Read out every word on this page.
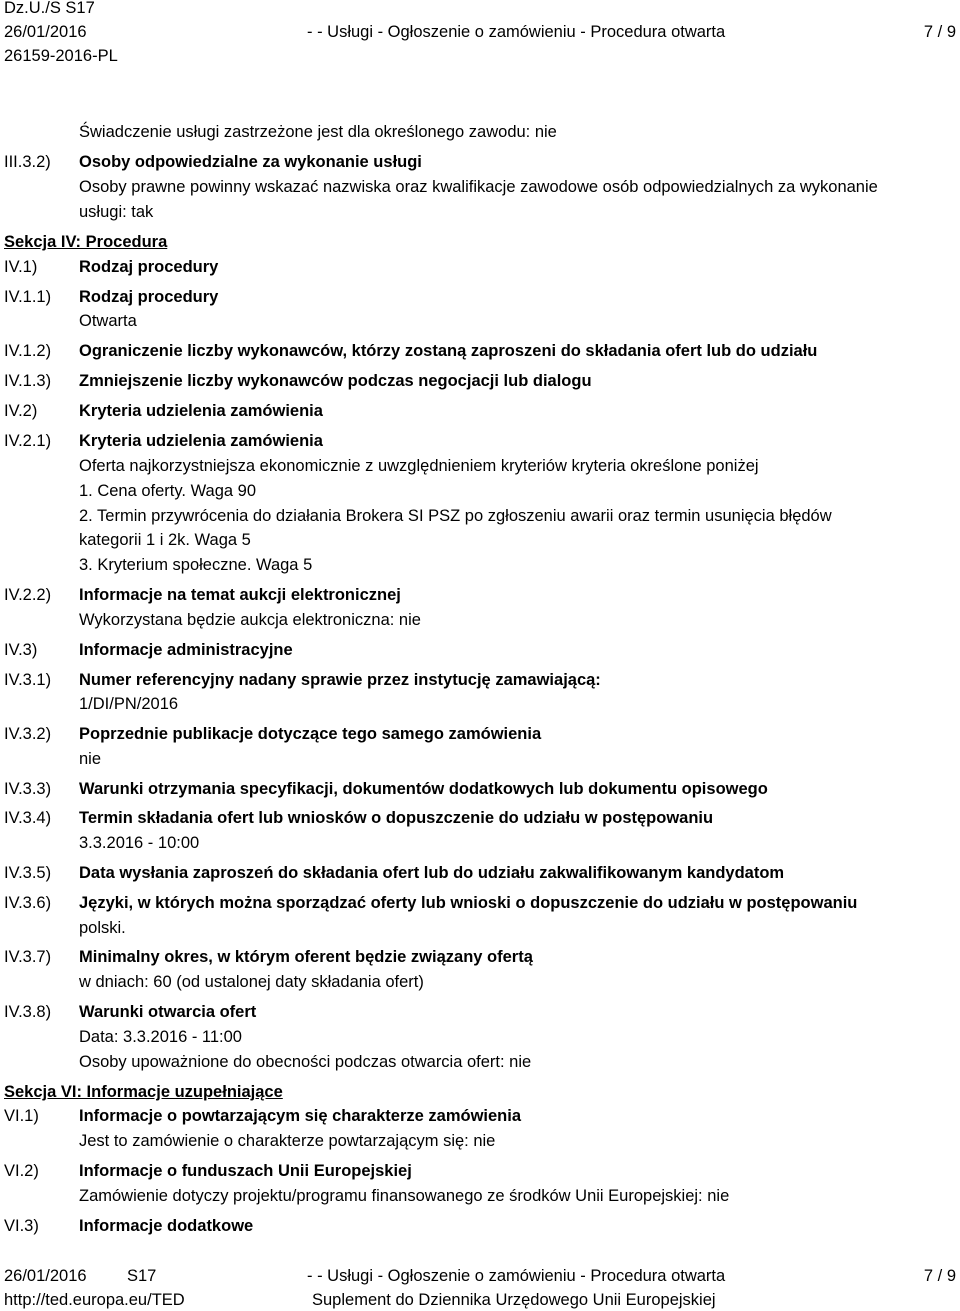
Dz.U./S S17
26/01/2016	- - Usługi - Ogłoszenie o zamówieniu - Procedura otwarta	7 / 9
26159-2016-PL
Świadczenie usługi zastrzeżone jest dla określonego zawodu: nie
III.3.2) Osoby odpowiedzialne za wykonanie usługi
Osoby prawne powinny wskazać nazwiska oraz kwalifikacje zawodowe osób odpowiedzialnych za wykonanie
usługi: tak
Sekcja IV: Procedura
IV.1)	Rodzaj procedury
IV.1.1) Rodzaj procedury
Otwarta
IV.1.2) Ograniczenie liczby wykonawców, którzy zostaną zaproszeni do składania ofert lub do udziału
IV.1.3) Zmniejszenie liczby wykonawców podczas negocjacji lub dialogu
IV.2)	Kryteria udzielenia zamówienia
IV.2.1) Kryteria udzielenia zamówienia
Oferta najkorzystniejsza ekonomicznie z uwzględnieniem kryteriów kryteria określone poniżej
1. Cena oferty. Waga 90
2. Termin przywrócenia do działania Brokera SI PSZ po zgłoszeniu awarii oraz termin usunięcia błędów
kategorii 1 i 2k. Waga 5
3. Kryterium społeczne. Waga 5
IV.2.2) Informacje na temat aukcji elektronicznej
Wykorzystana będzie aukcja elektroniczna: nie
IV.3)	Informacje administracyjne
IV.3.1) Numer referencyjny nadany sprawie przez instytucję zamawiającą:
1/DI/PN/2016
IV.3.2) Poprzednie publikacje dotyczące tego samego zamówienia
nie
IV.3.3) Warunki otrzymania specyfikacji, dokumentów dodatkowych lub dokumentu opisowego
IV.3.4) Termin składania ofert lub wniosków o dopuszczenie do udziału w postępowaniu
3.3.2016 - 10:00
IV.3.5) Data wysłania zaproszeń do składania ofert lub do udziału zakwalifikowanym kandydatom
IV.3.6) Języki, w których można sporządzać oferty lub wnioski o dopuszczenie do udziału w postępowaniu
polski.
IV.3.7) Minimalny okres, w którym oferent będzie związany ofertą
w dniach: 60 (od ustalonej daty składania ofert)
IV.3.8) Warunki otwarcia ofert
Data: 3.3.2016 - 11:00
Osoby upoważnione do obecności podczas otwarcia ofert: nie
Sekcja VI: Informacje uzupełniające
VI.1) Informacje o powtarzającym się charakterze zamówienia
Jest to zamówienie o charakterze powtarzającym się: nie
VI.2) Informacje o funduszach Unii Europejskiej
Zamówienie dotyczy projektu/programu finansowanego ze środków Unii Europejskiej: nie
VI.3) Informacje dodatkowe
26/01/2016 S17	- - Usługi - Ogłoszenie o zamówieniu - Procedura otwarta	7 / 9
http://ted.europa.eu/TED	Suplement do Dziennika Urzędowego Unii Europejskiej
